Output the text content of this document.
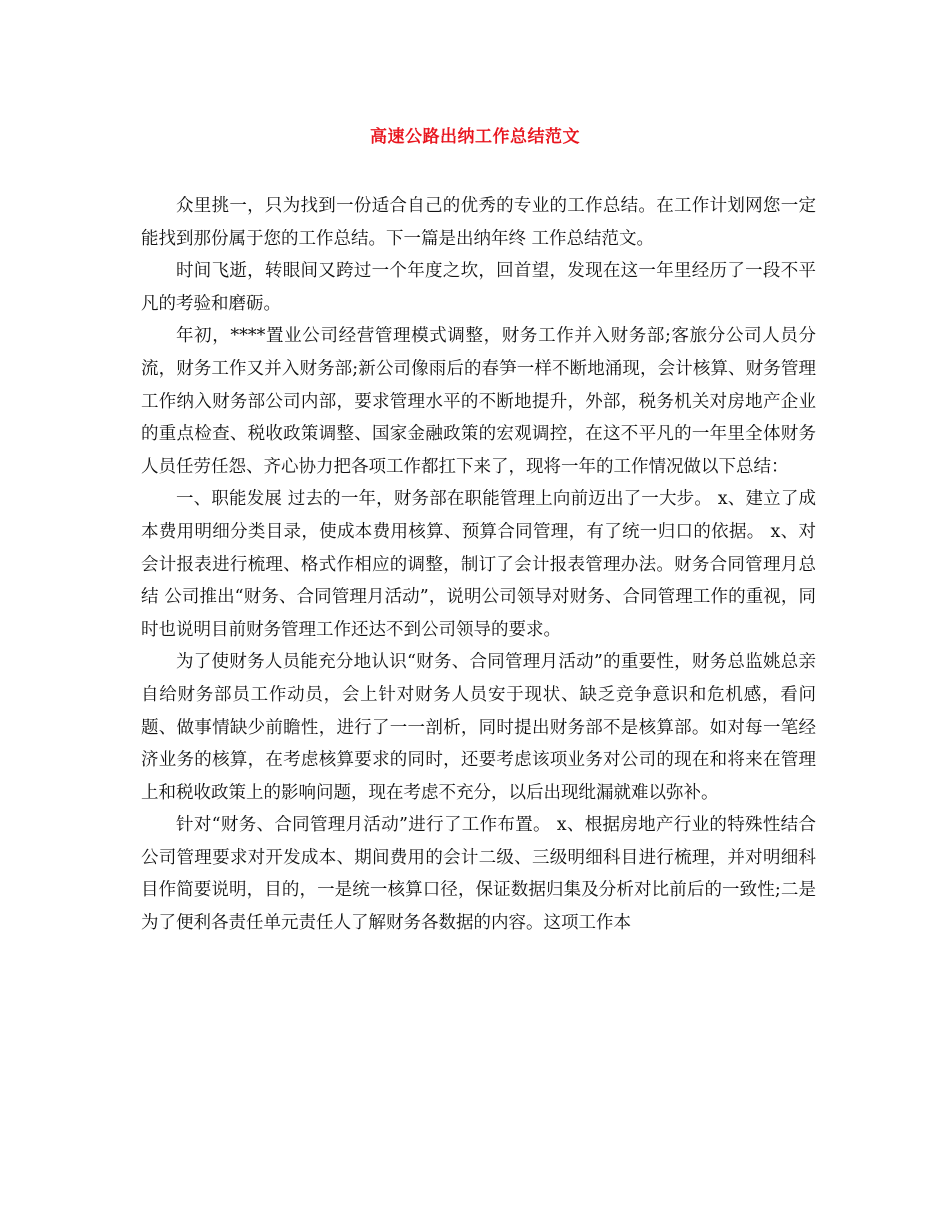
高速公路出纳工作总结范文

众里挑一，只为找到一份适合自己的优秀的专业的工作总结。在工作计划网您一定能找到那份属于您的工作总结。下一篇是出纳年终 工作总结范文。

时间飞逝，转眼间又跨过一个年度之坎，回首望，发现在这一年里经历了一段不平凡的考验和磨砺。

年初，****置业公司经营管理模式调整，财务工作并入财务部;客旅分公司人员分流，财务工作又并入财务部;新公司像雨后的春笋一样不断地涌现，会计核算、财务管理工作纳入财务部公司内部，要求管理水平的不断地提升，外部，税务机关对房地产企业的重点检查、税收政策调整、国家金融政策的宏观调控，在这不平凡的一年里全体财务人员任劳任怨、齐心协力把各项工作都扛下来了，现将一年的工作情况做以下总结：

一、职能发展 过去的一年，财务部在职能管理上向前迈出了一大步。 x、建立了成本费用明细分类目录，使成本费用核算、预算合同管理，有了统一归口的依据。 x、对会计报表进行梳理、格式作相应的调整，制订了会计报表管理办法。财务合同管理月总结 公司推出“财务、合同管理月活动”，说明公司领导对财务、合同管理工作的重视，同时也说明目前财务管理工作还达不到公司领导的要求。

为了使财务人员能充分地认识“财务、合同管理月活动”的重要性，财务总监姚总亲自给财务部员工作动员，会上针对财务人员安于现状、缺乏竞争意识和危机感，看问题、做事情缺少前瞻性，进行了一一剖析，同时提出财务部不是核算部。如对每一笔经济业务的核算，在考虑核算要求的同时，还要考虑该项业务对公司的现在和将来在管理上和税收政策上的影响问题，现在考虑不充分，以后出现纰漏就难以弥补。

针对“财务、合同管理月活动”进行了工作布置。 x、根据房地产行业的特殊性结合公司管理要求对开发成本、期间费用的会计二级、三级明细科目进行梳理，并对明细科目作简要说明，目的，一是统一核算口径，保证数据归集及分析对比前后的一致性;二是为了便利各责任单元责任人了解财务各数据的内容。这项工作本
